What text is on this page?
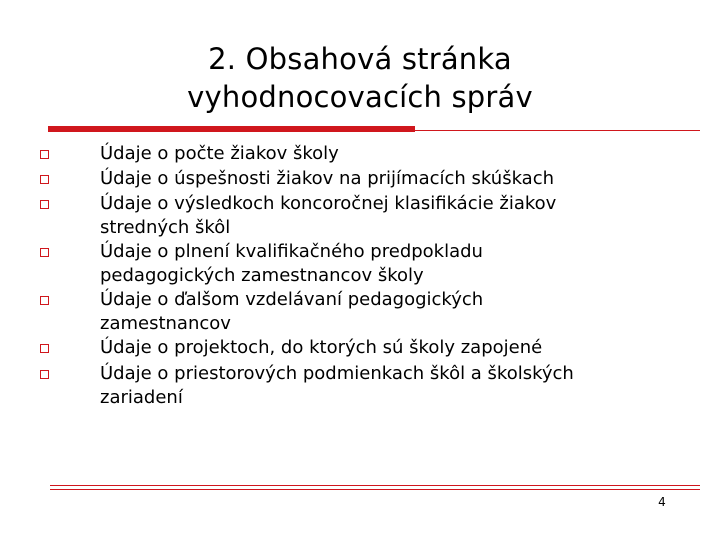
2. Obsahová stránka
vyhodnocovacích správ
Údaje o počte žiakov školy
Údaje o úspešnosti žiakov na prijímacích skúškach
Údaje o výsledkoch koncoročnej klasifikácie žiakov stredných škôl
Údaje o plnení kvalifikačného predpokladu pedagogických zamestnancov školy
Údaje o ďalšom vzdelávaní pedagogických zamestnancov
Údaje o projektoch, do ktorých sú školy zapojené
Údaje o priestorových podmienkach škôl a školských zariadení
4
